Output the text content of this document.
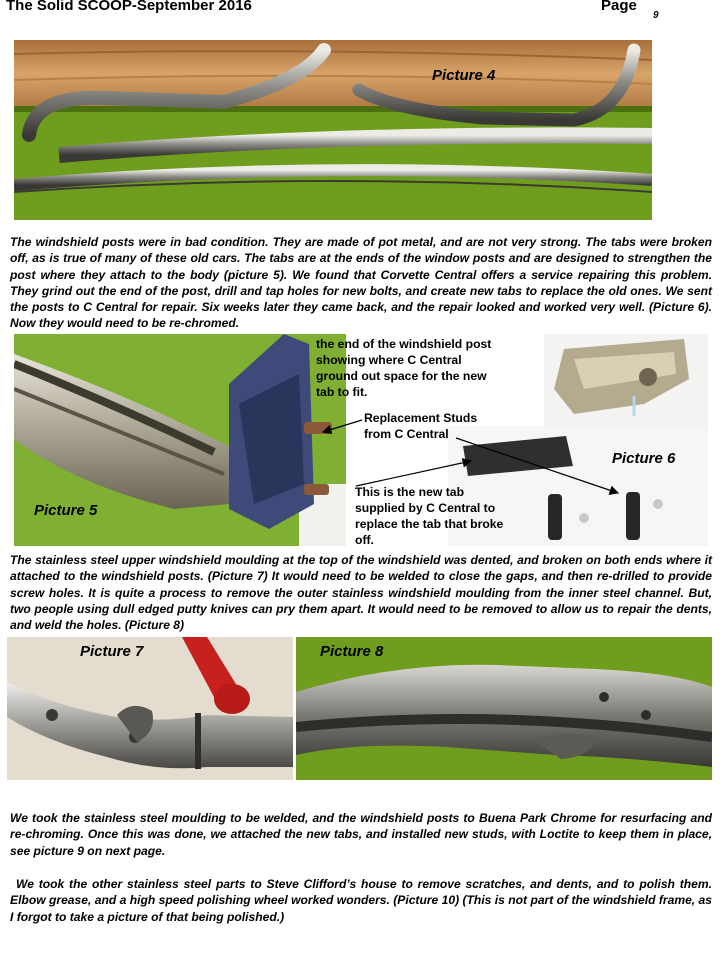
The Solid SCOOP-September 2016	Page
9
Picture 4

The windshield posts were in bad condition. They are made of pot metal, and are not very strong. The tabs were broken off, as is true of many of these old cars. The tabs are at the ends of the window posts and are designed to strengthen the post where they attach to the body (picture 5). We found that Corvette Central offers a service repairing this problem. They grind out the end of the post, drill and tap holes for new bolts, and create new tabs to replace the old ones. We sent the posts to C Central for repair. Six weeks later they came back, and the repair looked and worked very well. (Picture 6). Now they would need to be re-chromed.

Picture 5
Picture 6
the end of the windshield post showing where C Central ground out space for the new tab to fit.
Replacement Studs from C Central
This is the new tab supplied by C Central to replace the tab that broke off.

The stainless steel upper windshield moulding at the top of the windshield was dented, and broken on both ends where it attached to the windshield posts. (Picture 7) It would need to be welded to close the gaps, and then re-drilled to provide screw holes. It is quite a process to remove the outer stainless windshield moulding from the inner steel channel. But, two people using dull edged putty knives can pry them apart. It would need to be removed to allow us to repair the dents, and weld the holes. (Picture 8)

Picture 7	Picture 8

We took the stainless steel moulding to be welded, and the windshield posts to Buena Park Chrome for resurfacing and re-chroming. Once this was done, we attached the new tabs, and installed new studs, with Loctite to keep them in place, see picture 9 on next page.

We took the other stainless steel parts to Steve Clifford’s house to remove scratches, and dents, and to polish them. Elbow grease, and a high speed polishing wheel worked wonders. (Picture 10) (This is not part of the windshield frame, as I forgot to take a picture of that being polished.)
